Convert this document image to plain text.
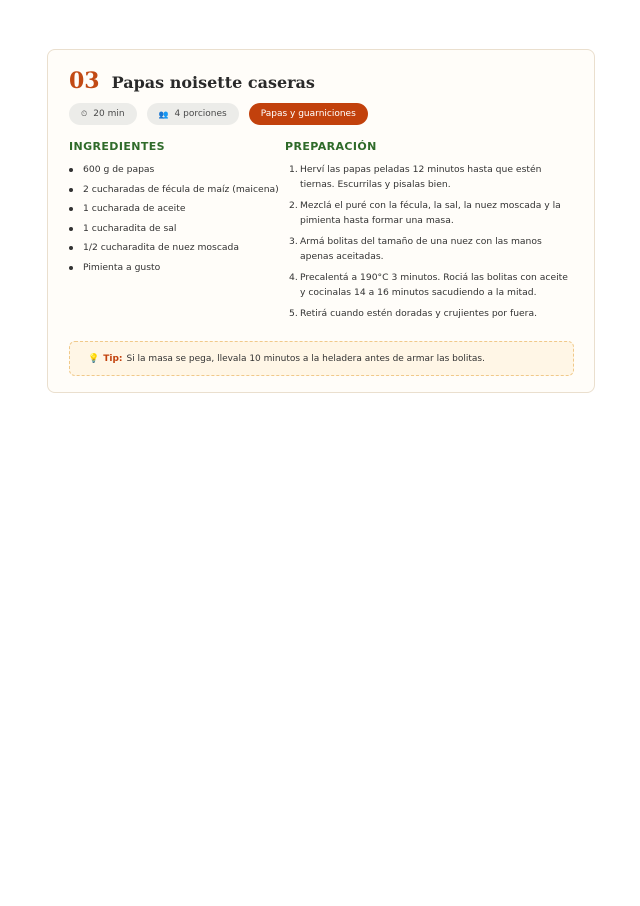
03 Papas noisette caseras
⏲ 20 min	👥 4 porciones	Papas y guarniciones
INGREDIENTES
600 g de papas
2 cucharadas de fécula de maíz (maicena)
1 cucharada de aceite
1 cucharadita de sal
1/2 cucharadita de nuez moscada
Pimienta a gusto
PREPARACIÓN
1. Herví las papas peladas 12 minutos hasta que estén tiernas. Escurrilas y pisalas bien.
2. Mezclá el puré con la fécula, la sal, la nuez moscada y la pimienta hasta formar una masa.
3. Armá bolitas del tamaño de una nuez con las manos apenas aceitadas.
4. Precalentá a 190°C 3 minutos. Rociá las bolitas con aceite y cocinalas 14 a 16 minutos sacudiendo a la mitad.
5. Retirá cuando estén doradas y crujientes por fuera.
💡 Tip: Si la masa se pega, llevala 10 minutos a la heladera antes de armar las bolitas.
